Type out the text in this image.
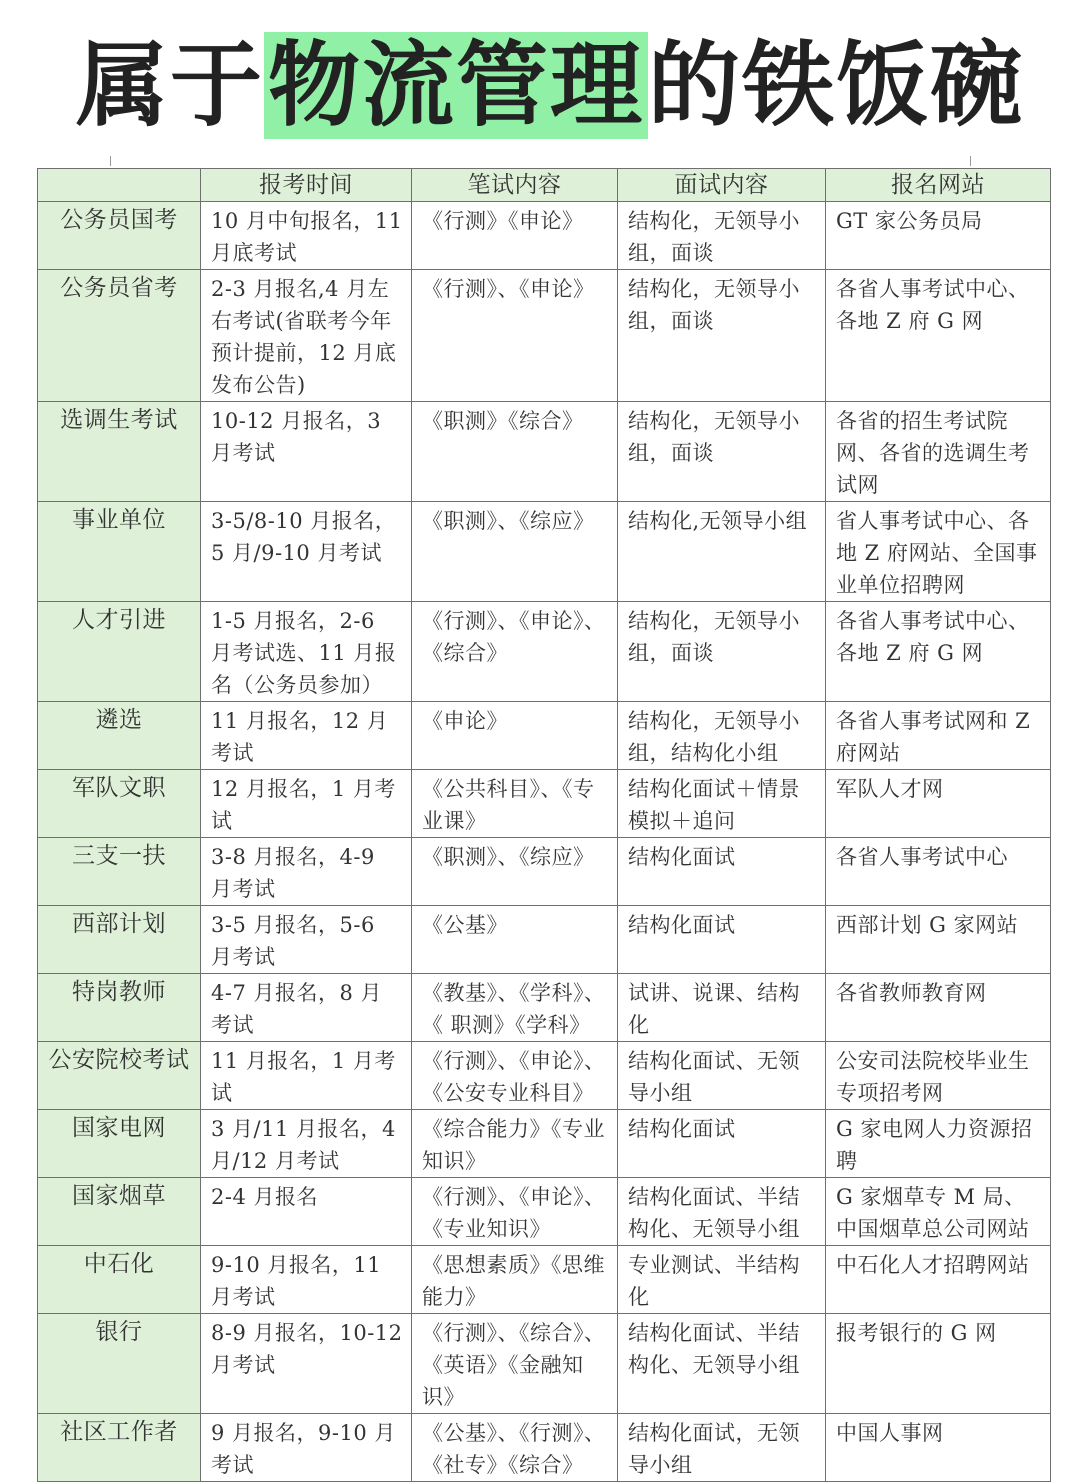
属于物流管理的铁饭碗
	报考时间	笔试内容	面试内容	报名网站
公务员国考	10 月中旬报名，11 月底考试	《行测》《申论》	结构化，无领导小组，面谈	GT 家公务员局
公务员省考	2-3 月报名,4 月左右考试(省联考今年预计提前，12 月底发布公告)	《行测》、《申论》	结构化，无领导小组，面谈	各省人事考试中心、各地 Z 府 G 网
选调生考试	10-12 月报名，3 月考试	《职测》《综合》	结构化，无领导小组，面谈	各省的招生考试院网、各省的选调生考试网
事业单位	3-5/8-10 月报名，5 月/9-10 月考试	《职测》、《综应》	结构化,无领导小组	省人事考试中心、各地 Z 府网站、全国事业单位招聘网
人才引进	1-5 月报名，2-6 月考试选、11 月报名（公务员参加）	《行测》、《申论》、《综合》	结构化，无领导小组，面谈	各省人事考试中心、各地 Z 府 G 网
遴选	11 月报名，12 月考试	《申论》	结构化，无领导小组，结构化小组	各省人事考试网和 Z 府网站
军队文职	12 月报名，1 月考试	《公共科目》、《专业课》	结构化面试＋情景模拟＋追问	军队人才网
三支一扶	3-8 月报名，4-9 月考试	《职测》、《综应》	结构化面试	各省人事考试中心
西部计划	3-5 月报名，5-6 月考试	《公基》	结构化面试	西部计划 G 家网站
特岗教师	4-7 月报名，8 月考试	《教基》、《学科》、《 职测》《学科》	试讲、说课、结构化	各省教师教育网
公安院校考试	11 月报名，1 月考试	《行测》、《申论》、《公安专业科目》	结构化面试、无领导小组	公安司法院校毕业生专项招考网
国家电网	3 月/11 月报名，4 月/12 月考试	《综合能力》《专业知识》	结构化面试	G 家电网人力资源招聘
国家烟草	2-4 月报名	《行测》、《申论》、《专业知识》	结构化面试、半结构化、无领导小组	G 家烟草专 M 局、中国烟草总公司网站
中石化	9-10 月报名，11 月考试	《思想素质》《思维能力》	专业测试、半结构化	中石化人才招聘网站
银行	8-9 月报名，10-12 月考试	《行测》、《综合》、《英语》《金融知识》	结构化面试、半结构化、无领导小组	报考银行的 G 网
社区工作者	9 月报名，9-10 月考试	《公基》、《行测》、《社专》《综合》	结构化面试，无领导小组	中国人事网
